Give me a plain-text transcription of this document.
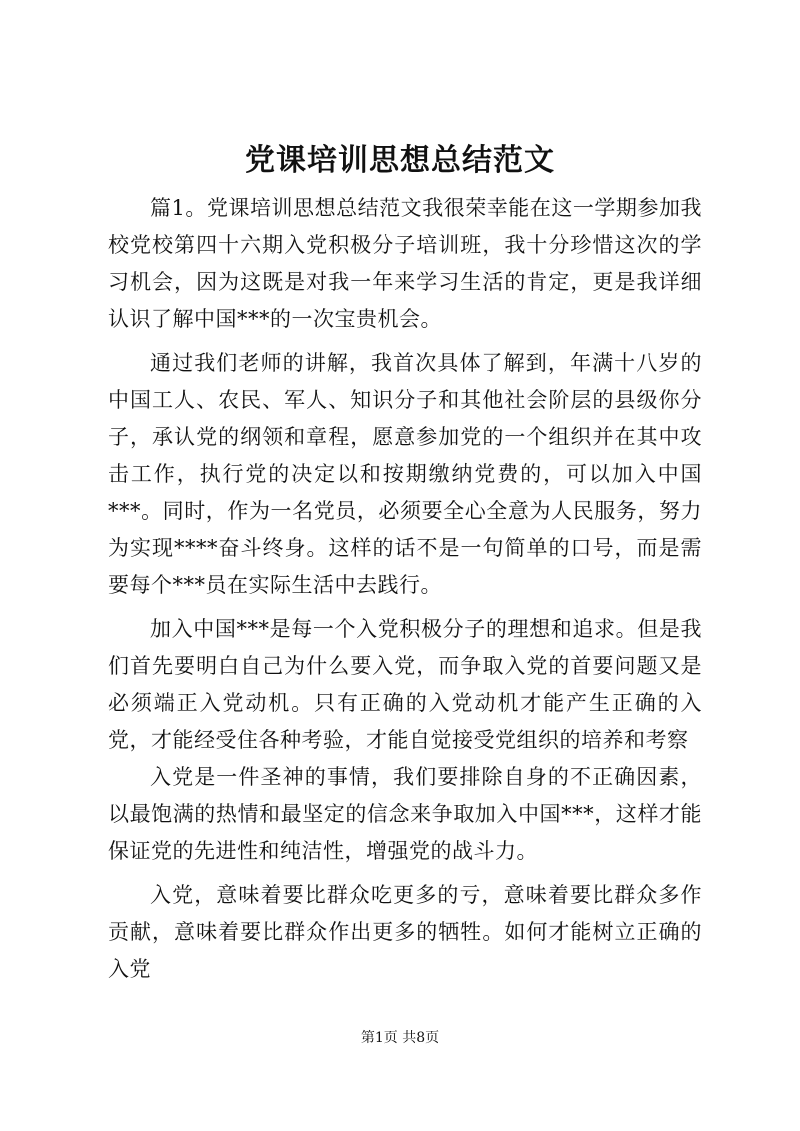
党课培训思想总结范文

篇1。党课培训思想总结范文我很荣幸能在这一学期参加我校党校第四十六期入党积极分子培训班，我十分珍惜这次的学习机会，因为这既是对我一年来学习生活的肯定，更是我详细认识了解中国***的一次宝贵机会。

通过我们老师的讲解，我首次具体了解到，年满十八岁的中国工人、农民、军人、知识分子和其他社会阶层的县级你分子，承认党的纲领和章程，愿意参加党的一个组织并在其中攻击工作，执行党的决定以和按期缴纳党费的，可以加入中国***。同时，作为一名党员，必须要全心全意为人民服务，努力为实现****奋斗终身。这样的话不是一句简单的口号，而是需要每个***员在实际生活中去践行。

加入中国***是每一个入党积极分子的理想和追求。但是我们首先要明白自己为什么要入党，而争取入党的首要问题又是必须端正入党动机。只有正确的入党动机才能产生正确的入党，才能经受住各种考验，才能自觉接受党组织的培养和考察

入党是一件圣神的事情，我们要排除自身的不正确因素，以最饱满的热情和最坚定的信念来争取加入中国***，这样才能保证党的先进性和纯洁性，增强党的战斗力。

入党，意味着要比群众吃更多的亏，意味着要比群众多作贡献，意味着要比群众作出更多的牺牲。如何才能树立正确的入党

第1页 共8页
